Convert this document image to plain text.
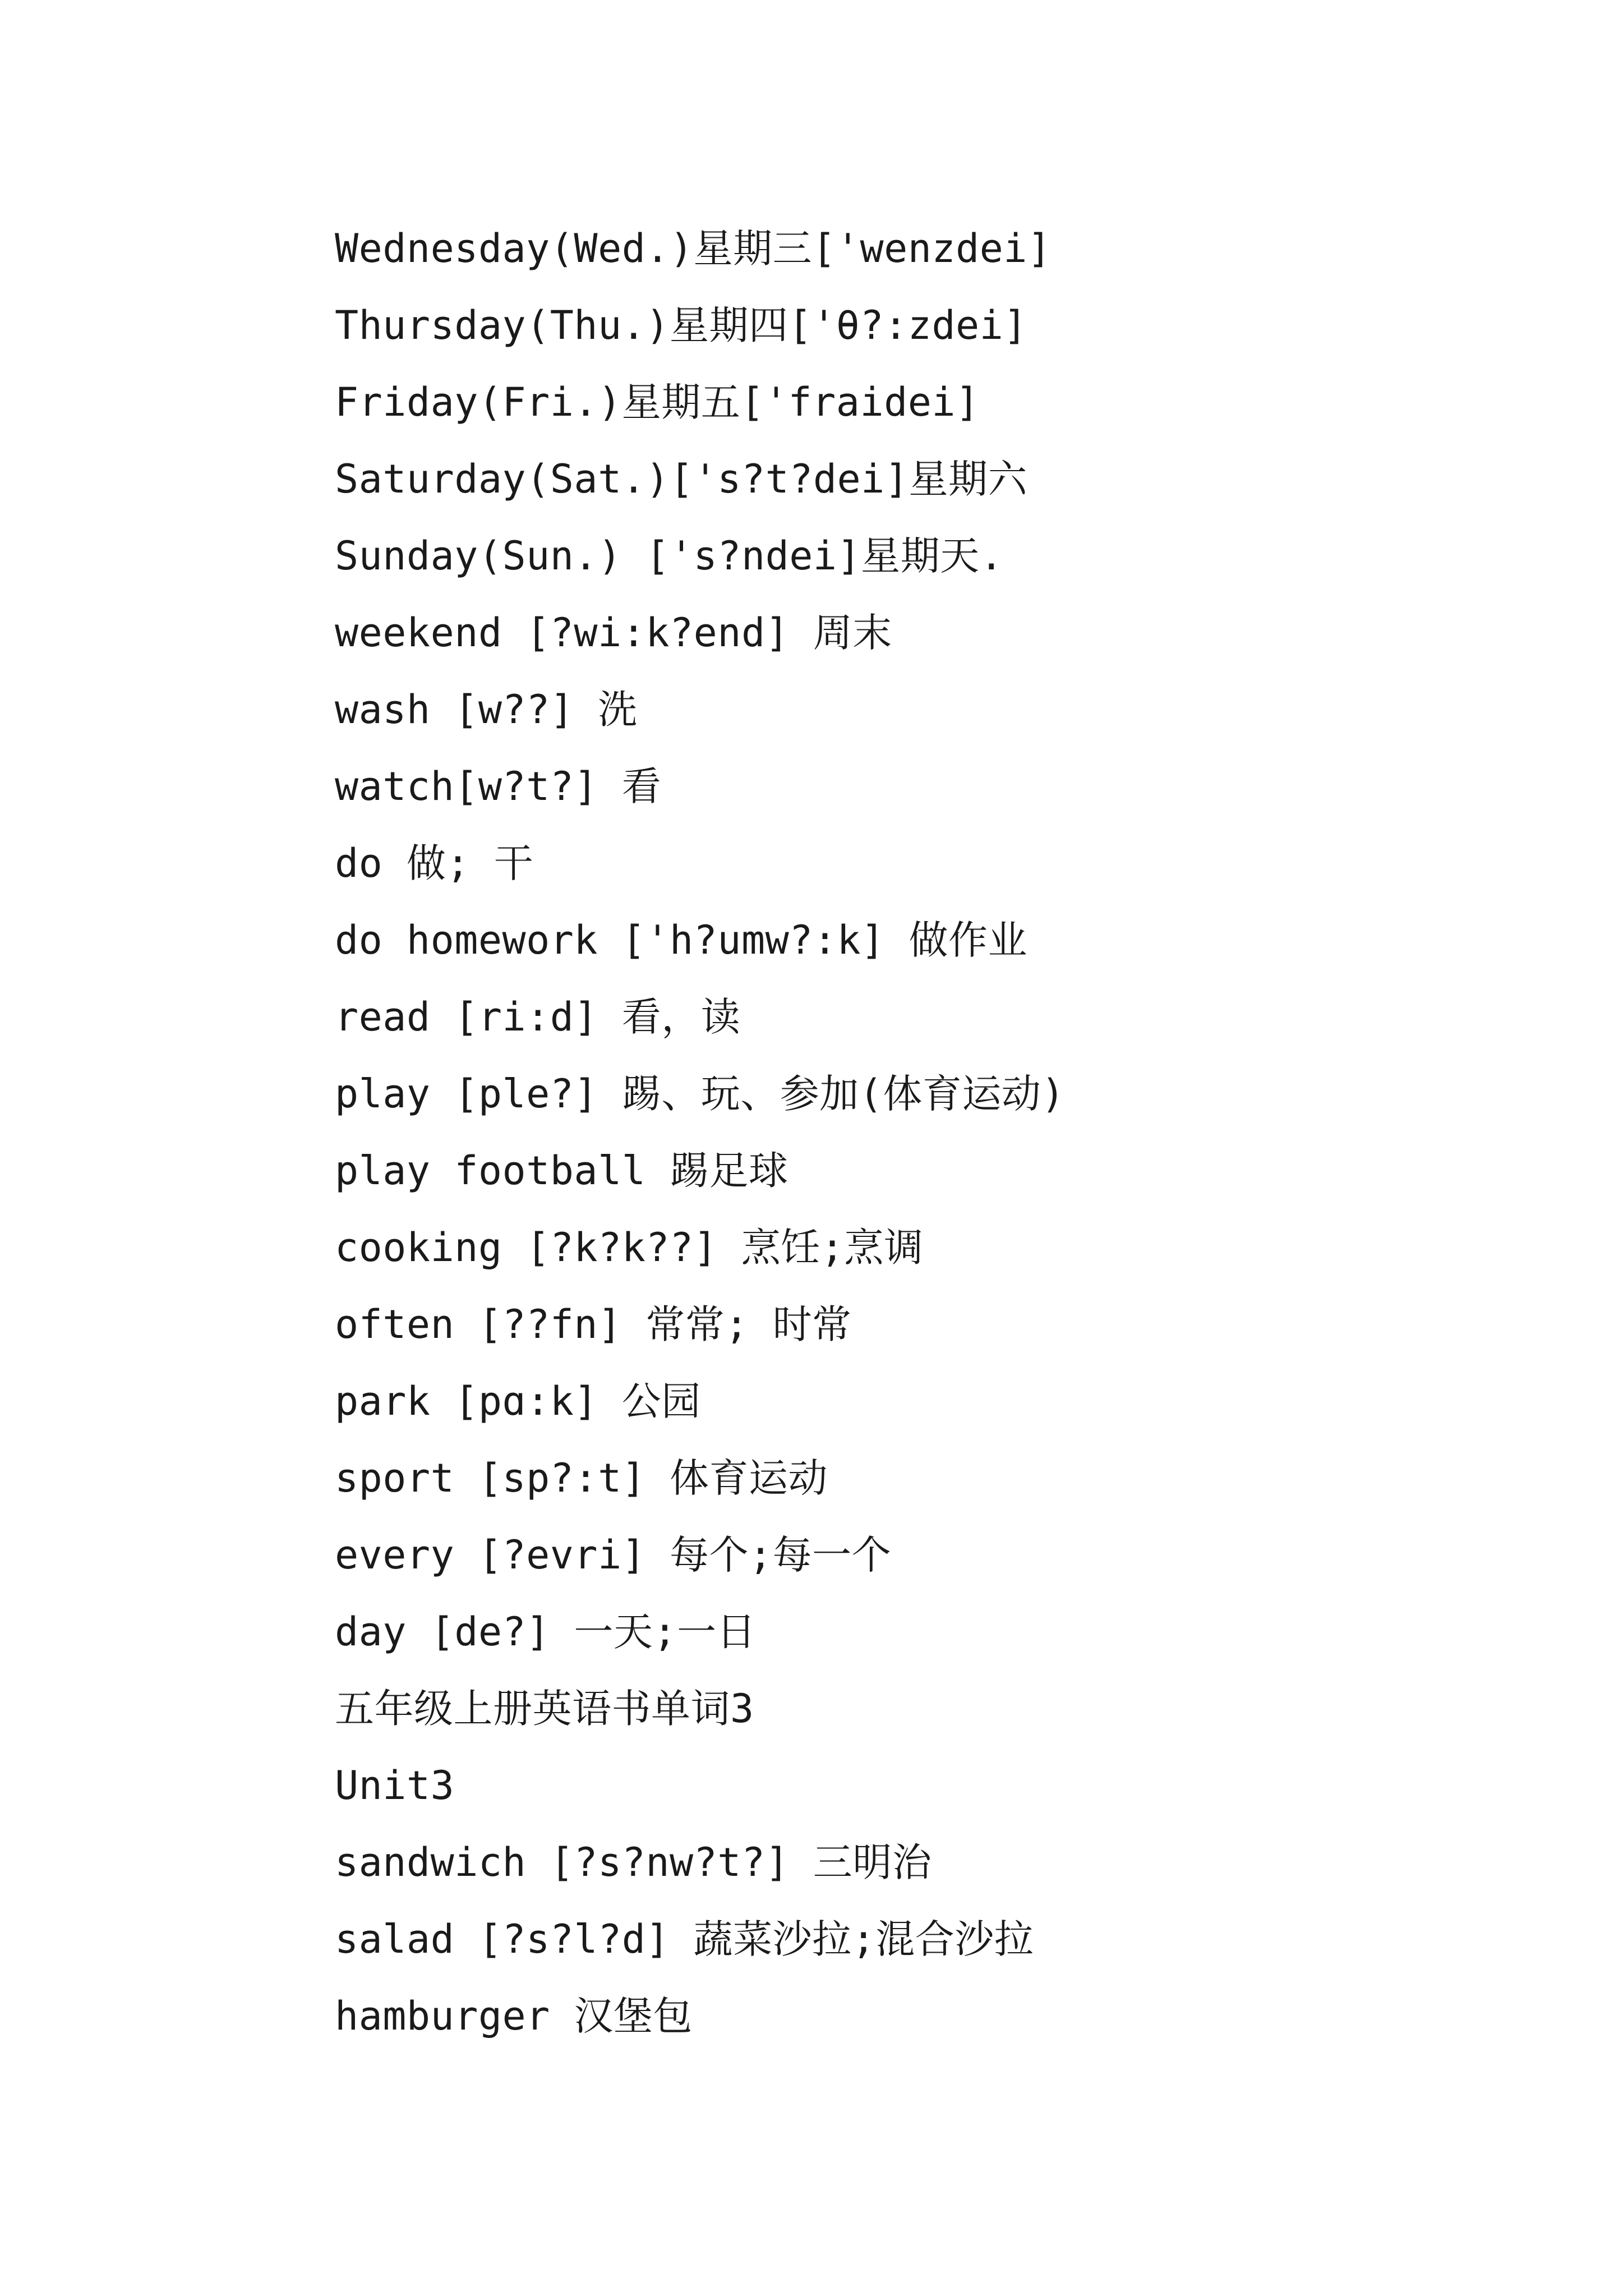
Wednesday(Wed.)星期三['wenzdei]
Thursday(Thu.)星期四['θ?:zdei]
Friday(Fri.)星期五['fraidei]
Saturday(Sat.)['s?t?dei]星期六
Sunday(Sun.) ['s?ndei]星期天.
weekend [?wi:k?end] 周末
wash [w??] 洗
watch[w?t?] 看
do 做; 干
do homework ['h?umw?:k] 做作业
read [ri:d] 看，读
play [ple?] 踢、玩、参加(体育运动)
play football 踢足球
cooking [?k?k??] 烹饪;烹调
often [??fn] 常常; 时常
park [pɑ:k] 公园
sport [sp?:t] 体育运动
every [?evri] 每个;每一个
day [de?] 一天;一日
五年级上册英语书单词3
Unit3
sandwich [?s?nw?t?] 三明治
salad [?s?l?d] 蔬菜沙拉;混合沙拉
hamburger 汉堡包
